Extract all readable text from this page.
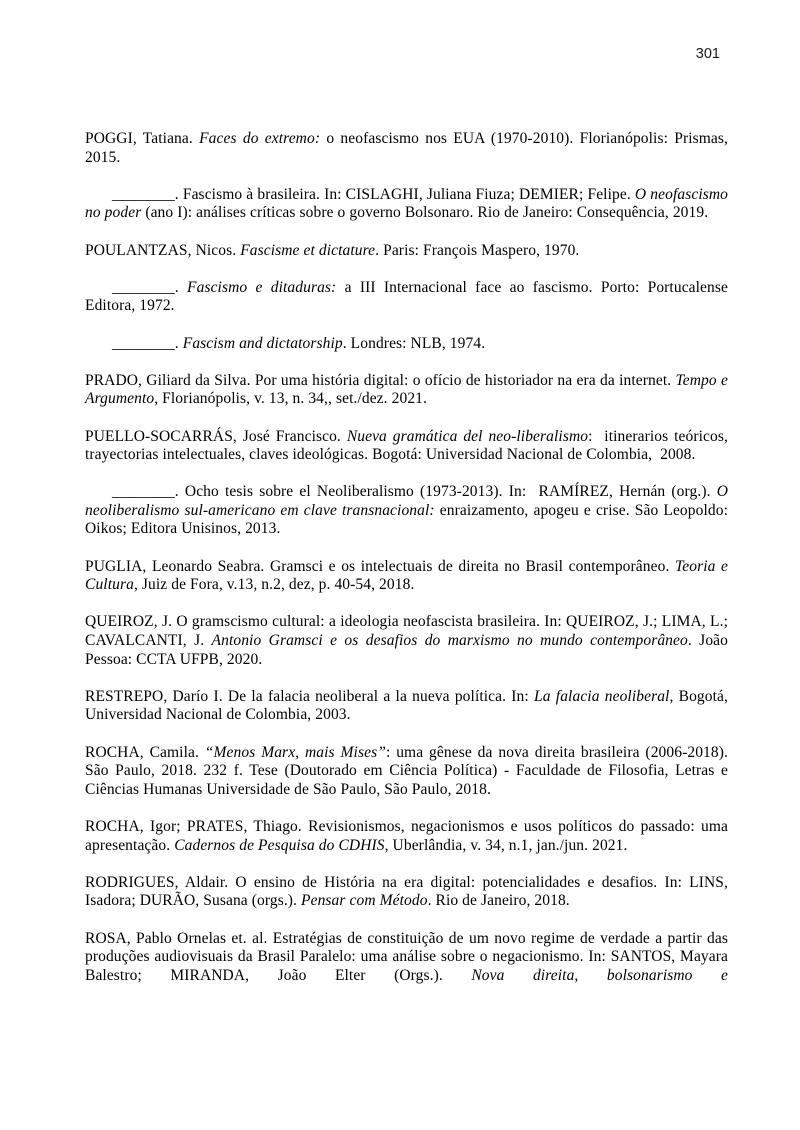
301

POGGI, Tatiana. Faces do extremo: o neofascismo nos EUA (1970-2010). Florianópolis: Prismas, 2015.

________. Fascismo à brasileira. In: CISLAGHI, Juliana Fiuza; DEMIER; Felipe. O neofascismo no poder (ano I): análises críticas sobre o governo Bolsonaro. Rio de Janeiro: Consequência, 2019.

POULANTZAS, Nicos. Fascisme et dictature. Paris: François Maspero, 1970.

________. Fascismo e ditaduras: a III Internacional face ao fascismo. Porto: Portucalense Editora, 1972.

________. Fascism and dictatorship. Londres: NLB, 1974.

PRADO, Giliard da Silva. Por uma história digital: o ofício de historiador na era da internet. Tempo e Argumento, Florianópolis, v. 13, n. 34,, set./dez. 2021.

PUELLO-SOCARRÁS, José Francisco. Nueva gramática del neo-liberalismo:  itinerarios teóricos, trayectorias intelectuales, claves ideológicas. Bogotá: Universidad Nacional de Colombia,  2008.

________. Ocho tesis sobre el Neoliberalismo (1973-2013). In:  RAMÍREZ, Hernán (org.). O neoliberalismo sul-americano em clave transnacional: enraizamento, apogeu e crise. São Leopoldo: Oikos; Editora Unisinos, 2013.

PUGLIA, Leonardo Seabra. Gramsci e os intelectuais de direita no Brasil contemporâneo. Teoria e Cultura, Juiz de Fora, v.13, n.2, dez, p. 40-54, 2018.

QUEIROZ, J. O gramscismo cultural: a ideologia neofascista brasileira. In: QUEIROZ, J.; LIMA, L.; CAVALCANTI, J. Antonio Gramsci e os desafios do marxismo no mundo contemporâneo. João Pessoa: CCTA UFPB, 2020.

RESTREPO, Darío I. De la falacia neoliberal a la nueva política. In: La falacia neoliberal, Bogotá, Universidad Nacional de Colombia, 2003.

ROCHA, Camila. “Menos Marx, mais Mises”: uma gênese da nova direita brasileira (2006-2018). São Paulo, 2018. 232 f. Tese (Doutorado em Ciência Política) - Faculdade de Filosofia, Letras e Ciências Humanas Universidade de São Paulo, São Paulo, 2018.

ROCHA, Igor; PRATES, Thiago. Revisionismos, negacionismos e usos políticos do passado: uma apresentação. Cadernos de Pesquisa do CDHIS, Uberlândia, v. 34, n.1, jan./jun. 2021.

RODRIGUES, Aldair. O ensino de História na era digital: potencialidades e desafios. In: LINS, Isadora; DURÃO, Susana (orgs.). Pensar com Método. Rio de Janeiro, 2018.

ROSA, Pablo Ornelas et. al. Estratégias de constituição de um novo regime de verdade a partir das produções audiovisuais da Brasil Paralelo: uma análise sobre o negacionismo. In: SANTOS, Mayara Balestro; MIRANDA, João Elter (Orgs.). Nova direita, bolsonarismo e
